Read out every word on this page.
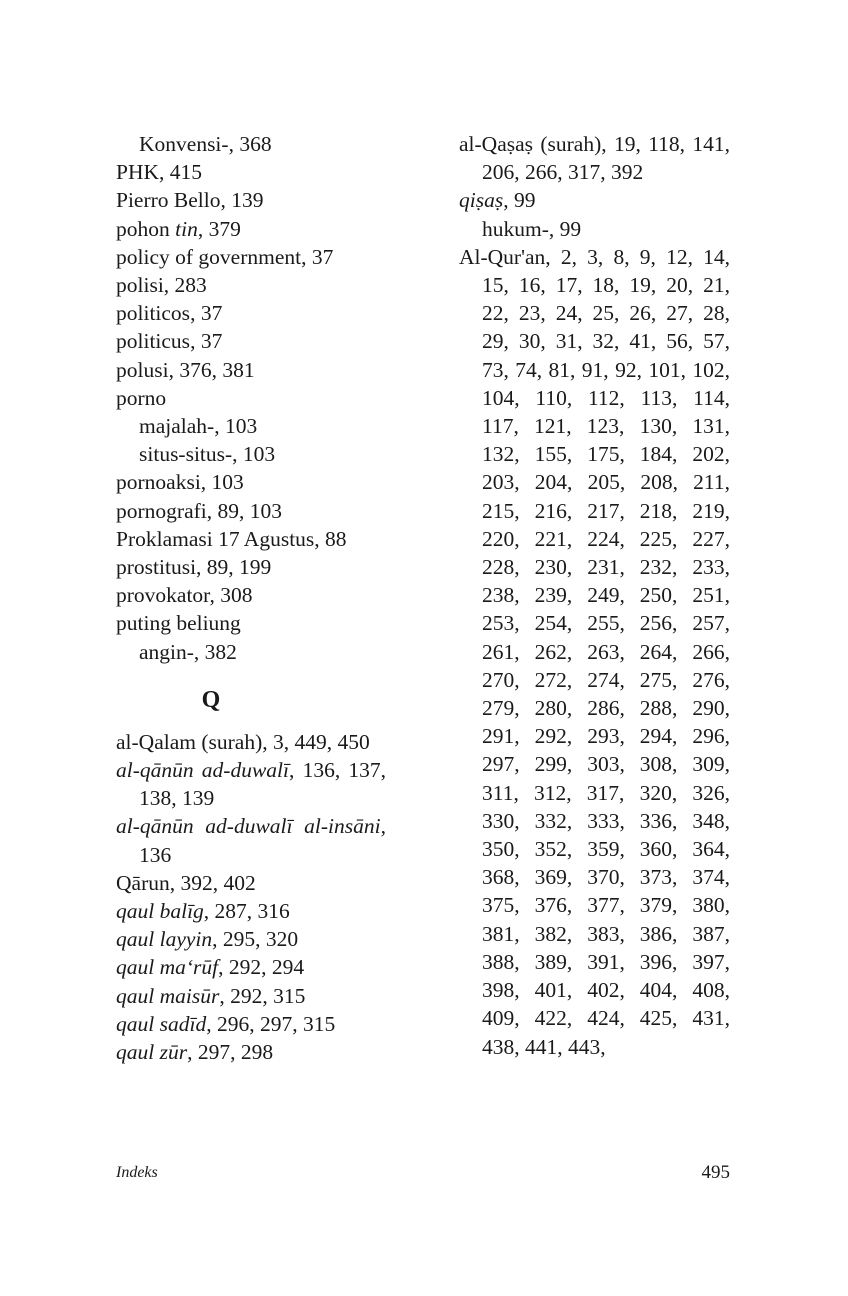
Konvensi-, 368
PHK, 415
Pierro Bello, 139
pohon tin, 379
policy of government, 37
polisi, 283
politicos, 37
politicus, 37
polusi, 376, 381
porno
majalah-, 103
situs-situs-, 103
pornoaksi, 103
pornografi, 89, 103
Proklamasi 17 Agustus, 88
prostitusi, 89, 199
provokator, 308
puting beliung
angin-, 382
Q
al-Qalam (surah), 3, 449, 450
al-qānūn ad-duwalī, 136, 137, 138, 139
al-qānūn ad-duwalī al-insāni, 136
Qārun, 392, 402
qaul balīg, 287, 316
qaul layyin, 295, 320
qaul ma‘rūf, 292, 294
qaul maisūr, 292, 315
qaul sadīd, 296, 297, 315
qaul zūr, 297, 298
al-Qaṣaṣ (surah), 19, 118, 141, 206, 266, 317, 392
qiṣaṣ, 99
hukum-, 99
Al-Qur'an, 2, 3, 8, 9, 12, 14, 15, 16, 17, 18, 19, 20, 21, 22, 23, 24, 25, 26, 27, 28, 29, 30, 31, 32, 41, 56, 57, 73, 74, 81, 91, 92, 101, 102, 104, 110, 112, 113, 114, 117, 121, 123, 130, 131, 132, 155, 175, 184, 202, 203, 204, 205, 208, 211, 215, 216, 217, 218, 219, 220, 221, 224, 225, 227, 228, 230, 231, 232, 233, 238, 239, 249, 250, 251, 253, 254, 255, 256, 257, 261, 262, 263, 264, 266, 270, 272, 274, 275, 276, 279, 280, 286, 288, 290, 291, 292, 293, 294, 296, 297, 299, 303, 308, 309, 311, 312, 317, 320, 326, 330, 332, 333, 336, 348, 350, 352, 359, 360, 364, 368, 369, 370, 373, 374, 375, 376, 377, 379, 380, 381, 382, 383, 386, 387, 388, 389, 391, 396, 397, 398, 401, 402, 404, 408, 409, 422, 424, 425, 431, 438, 441, 443,
Indeks	495
